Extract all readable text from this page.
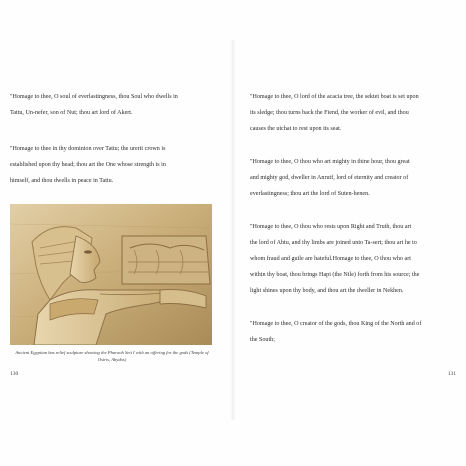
"Homage to thee, O soul of everlastingness, thou Soul who dwells in

Tattu, Un-nefer, son of Nut; thou art lord of Akert.

"Homage to thee in thy dominion over Tattu; the urerit crown is

established upon thy head; thou art the One whose strength is in

himself, and thou dwells in peace in Tattu.

Ancient Egyptian bas relief sculpture showing the Pharaoh Seti I with an offering for the gods (Temple of Osiris, Abydos)

130

"Homage to thee, O lord of the acacia tree, the sektet boat is set upon

its sledge; thou turns back the Fiend, the worker of evil, and thou

causes the utchat to rest upon its seat.

"Homage to thee, O thou who art mighty in thine hour, thou great

and mighty god, dweller in Anrutf, lord of eternity and creator of

everlastingness; thou art the lord of Suten-henen.

"Homage to thee, O thou who rests upon Right and Truth, thou art

the lord of Abtu, and thy limbs are joined unto Ta-sert; thou art he to

whom fraud and guile are hateful.Homage to thee, O thou who art

within thy boat, thou brings Hapi (the Nile) forth from his source; the

light shines upon thy body, and thou art the dweller in Nekhen.

"Homage to thee, O creator of the gods, thou King of the North and of

the South;

131
